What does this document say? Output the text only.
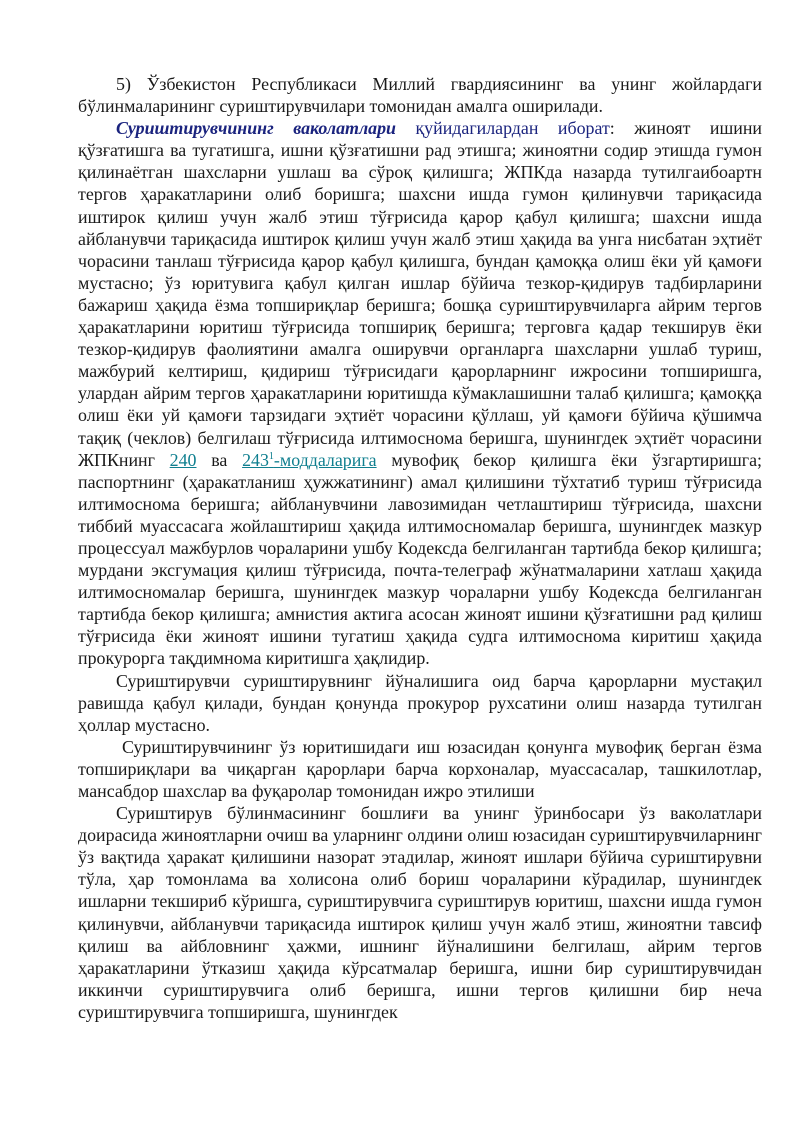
5) Ўзбекистон Республикаси Миллий гвардиясининг ва унинг жойлардаги бўлинмаларининг суриштирувчилари томонидан амалга оширилади.

Суриштирувчининг ваколатлари қуйидагилардан иборат: жиноят ишини қўзғатишга ва тугатишга, ишни қўзғатишни рад этишга; жиноятни содир этишда гумон қилинаётган шахсларни ушлаш ва сўроқ қилишга; ЖПКда назарда тутилгаибоартн тергов ҳаракатларини олиб боришга; шахсни ишда гумон қилинувчи тариқасида иштирок қилиш учун жалб этиш тўғрисида қарор қабул қилишга; шахсни ишда айбланувчи тариқасида иштирок қилиш учун жалб этиш ҳақида ва унга нисбатан эҳтиёт чорасини танлаш тўғрисида қарор қабул қилишга, бундан қамоққа олиш ёки уй қамоғи мустасно; ўз юритувига қабул қилган ишлар бўйича тезкор-қидирув тадбирларини бажариш ҳақида ёзма топшириқлар беришга; бошқа суриштирувчиларга айрим тергов ҳаракатларини юритиш тўғрисида топшириқ беришга; терговга қадар текширув ёки тезкор-қидирув фаолиятини амалга оширувчи органларга шахсларни ушлаб туриш, мажбурий келтириш, қидириш тўғрисидаги қарорларнинг ижросини топширишга, улардан айрим тергов ҳаракатларини юритишда кўмаклашишни талаб қилишга; қамоққа олиш ёки уй қамоғи тарзидаги эҳтиёт чорасини қўллаш, уй қамоғи бўйича қўшимча тақиқ (чеклов) белгилаш тўғрисида илтимосномa беришга, шунингдек эҳтиёт чорасини ЖПКнинг 240 ва 243$^1$-моддаларига мувофиқ бекор қилишга ёки ўзгартиришга; паспортнинг (ҳаракатланиш ҳужжатининг) амал қилишини тўхтатиб туриш тўғрисида илтимосномa беришга; айбланувчини лавозимидан четлаштириш тўғрисида, шахсни тиббий муассасага жойлаштириш ҳақида илтимосномалар беришга, шунингдек мазкур процессуал мажбурлов чораларини ушбу Кодексда белгиланган тартибда бекор қилишга; мурдани эксгумация қилиш тўғрисида, почта-телеграф жўнатмаларини хатлаш ҳақида илтимосномалар беришга, шунингдек мазкур чораларни ушбу Кодексда белгиланган тартибда бекор қилишга; амнистия актига асосан жиноят ишини қўзғатишни рад қилиш тўғрисида ёки жиноят ишини тугатиш ҳақида судга илтимоснома киритиш ҳақида прокурорга тақдимнома киритишга ҳақлидир.

Суриштирувчи суриштирувнинг йўналишига оид барча қарорларни мустақил равишда қабул қилади, бундан қонунда прокурор рухсатини олиш назарда тутилган ҳоллар мустасно.

Суриштирувчининг ўз юритишидаги иш юзасидан қонунга мувофиқ берган ёзма топшириқлари ва чиқарган қарорлари барча корхоналар, муассасалар, ташкилотлар, мансабдор шахслар ва фуқаролар томонидан ижро этилиши

Суриштирув бўлинмасининг бошлиғи ва унинг ўринбосари ўз ваколатлари доирасида жиноятларни очиш ва уларнинг олдини олиш юзасидан суриштирувчиларнинг ўз вақтида ҳаракат қилишини назорат этадилар, жиноят ишлари бўйича суриштирувни тўла, ҳар томонлама ва холисона олиб бориш чораларини кўрадилар, шунингдек ишларни текшириб кўришга, суриштирувчига суриштирув юритиш, шахсни ишда гумон қилинувчи, айбланувчи тариқасида иштирок қилиш учун жалб этиш, жиноятни тавсиф қилиш ва айбловнинг ҳажми, ишнинг йўналишини белгилаш, айрим тергов ҳаракатларини ўтказиш ҳақида кўрсатмалар беришга, ишни бир суриштирувчидан иккинчи суриштирувчига олиб беришга, ишни тергов қилишни бир неча суриштирувчига топширишга, шунингдек
